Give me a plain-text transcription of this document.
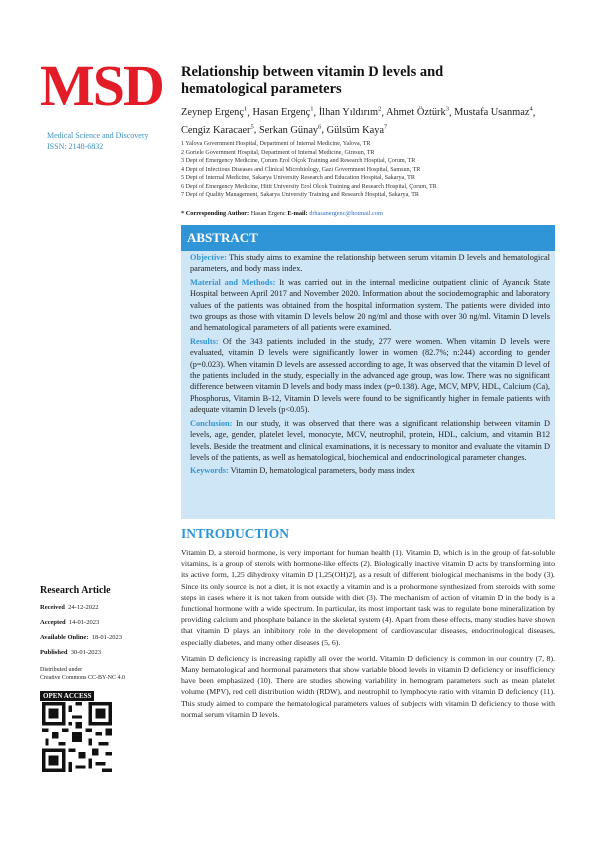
MSD
Medical Science and Discovery
ISSN: 2148-6832
Relationship between vitamin D levels and hematological parameters
Zeynep Ergenç$^1$, Hasan Ergenç$^1$, İlhan Yıldırım$^2$, Ahmet Öztürk$^3$, Mustafa Usanmaz$^4$, Cengiz Karacaer$^5$, Serkan Günay$^6$, Gülsüm Kaya$^7$
1 Yalova Government Hospital, Department of Internal Medicine, Yalova, TR
2 Goriele Government Hospital, Department of Internal Medicine, Giresun, TR
3 Dept of Emergency Medicine, Çorum Erol Olçok Training and Research Hospital, Çorum, TR
4 Dept of Infectious Diseases and Clinical Microbiology, Gazi Government Hospital, Samsun, TR
5 Dept of Internal Medicine, Sakarya University Research and Education Hospital, Sakarya, TR
6 Dept of Emergency Medicine, Hitit University Erol Olcok Training and Research Hospital, Çorum, TR
7 Dept of Quality Management, Sakarya University Training and Research Hospital, Sakarya, TR
* Corresponding Author: Hasan Ergenc E-mail: drhasanergenc@hotmail.com
ABSTRACT

Objective: This study aims to examine the relationship between serum vitamin D levels and hematological parameters, and body mass index.

Material and Methods: It was carried out in the internal medicine outpatient clinic of Ayancık State Hospital between April 2017 and November 2020. Information about the sociodemographic and laboratory values of the patients was obtained from the hospital information system. The patients were divided into two groups as those with vitamin D levels below 20 ng/ml and those with over 30 ng/ml. Vitamin D levels and hematological parameters of all patients were examined.

Results: Of the 343 patients included in the study, 277 were women. When vitamin D levels were evaluated, vitamin D levels were significantly lower in women (82.7%; n:244) according to gender (p=0.023). When vitamin D levels are assessed according to age, It was observed that the vitamin D level of the patients included in the study, especially in the advanced age group, was low. There was no significant difference between vitamin D levels and body mass index (p=0.138). Age, MCV, MPV, HDL, Calcium (Ca), Phosphorus, Vitamin B-12, Vitamin D levels were found to be significantly higher in female patients with adequate vitamin D levels (p<0.05).

Conclusion: In our study, it was observed that there was a significant relationship between vitamin D levels, age, gender, platelet level, monocyte, MCV, neutrophil, protein, HDL, calcium, and vitamin B12 levels. Beside the treatment and clinical examinations, it is necessary to monitor and evaluate the vitamin D levels of the patients, as well as hematological, biochemical and endocrinological parameter changes.

Keywords: Vitamin D, hematological parameters, body mass index

INTRODUCTION

Vitamin D, a steroid hormone, is very important for human health (1). Vitamin D, which is in the group of fat-soluble vitamins, is a group of sterols with hormone-like effects (2). Biologically inactive vitamin D acts by transforming into its active form, 1,25 dihydroxy vitamin D [1,25(OH)2], as a result of different biological mechanisms in the body (3). Since its only source is not a diet, it is not exactly a vitamin and is a prohormone synthesized from steroids with some steps in cases where it is not taken from outside with diet (3). The mechanism of action of vitamin D in the body is a functional hormone with a wide spectrum. In particular, its most important task was to regulate bone mineralization by providing calcium and phosphate balance in the skeletal system (4). Apart from these effects, many studies have shown that vitamin D plays an inhibitory role in the development of cardiovascular diseases, endocrinological diseases, especially diabetes, and many other diseases (5, 6).

Vitamin D deficiency is increasing rapidly all over the world. Vitamin D deficiency is common in our country (7, 8). Many hematological and hormonal parameters that show variable blood levels in vitamin D deficiency or insufficiency have been emphasized (10). There are studies showing variability in hemogram parameters such as mean platelet volume (MPV), red cell distribution width (RDW), and neutrophil to lymphocyte ratio with vitamin D deficiency (11). This study aimed to compare the hematological parameters values of subjects with vitamin D deficiency to those with normal serum vitamin D levels.

Research Article
Received 24-12-2022
Accepted 14-01-2023
Available Online: 18-01-2023
Published 30-01-2023
Distributed under
Creative Commons CC-BY-NC 4.0
OPEN ACCESS
